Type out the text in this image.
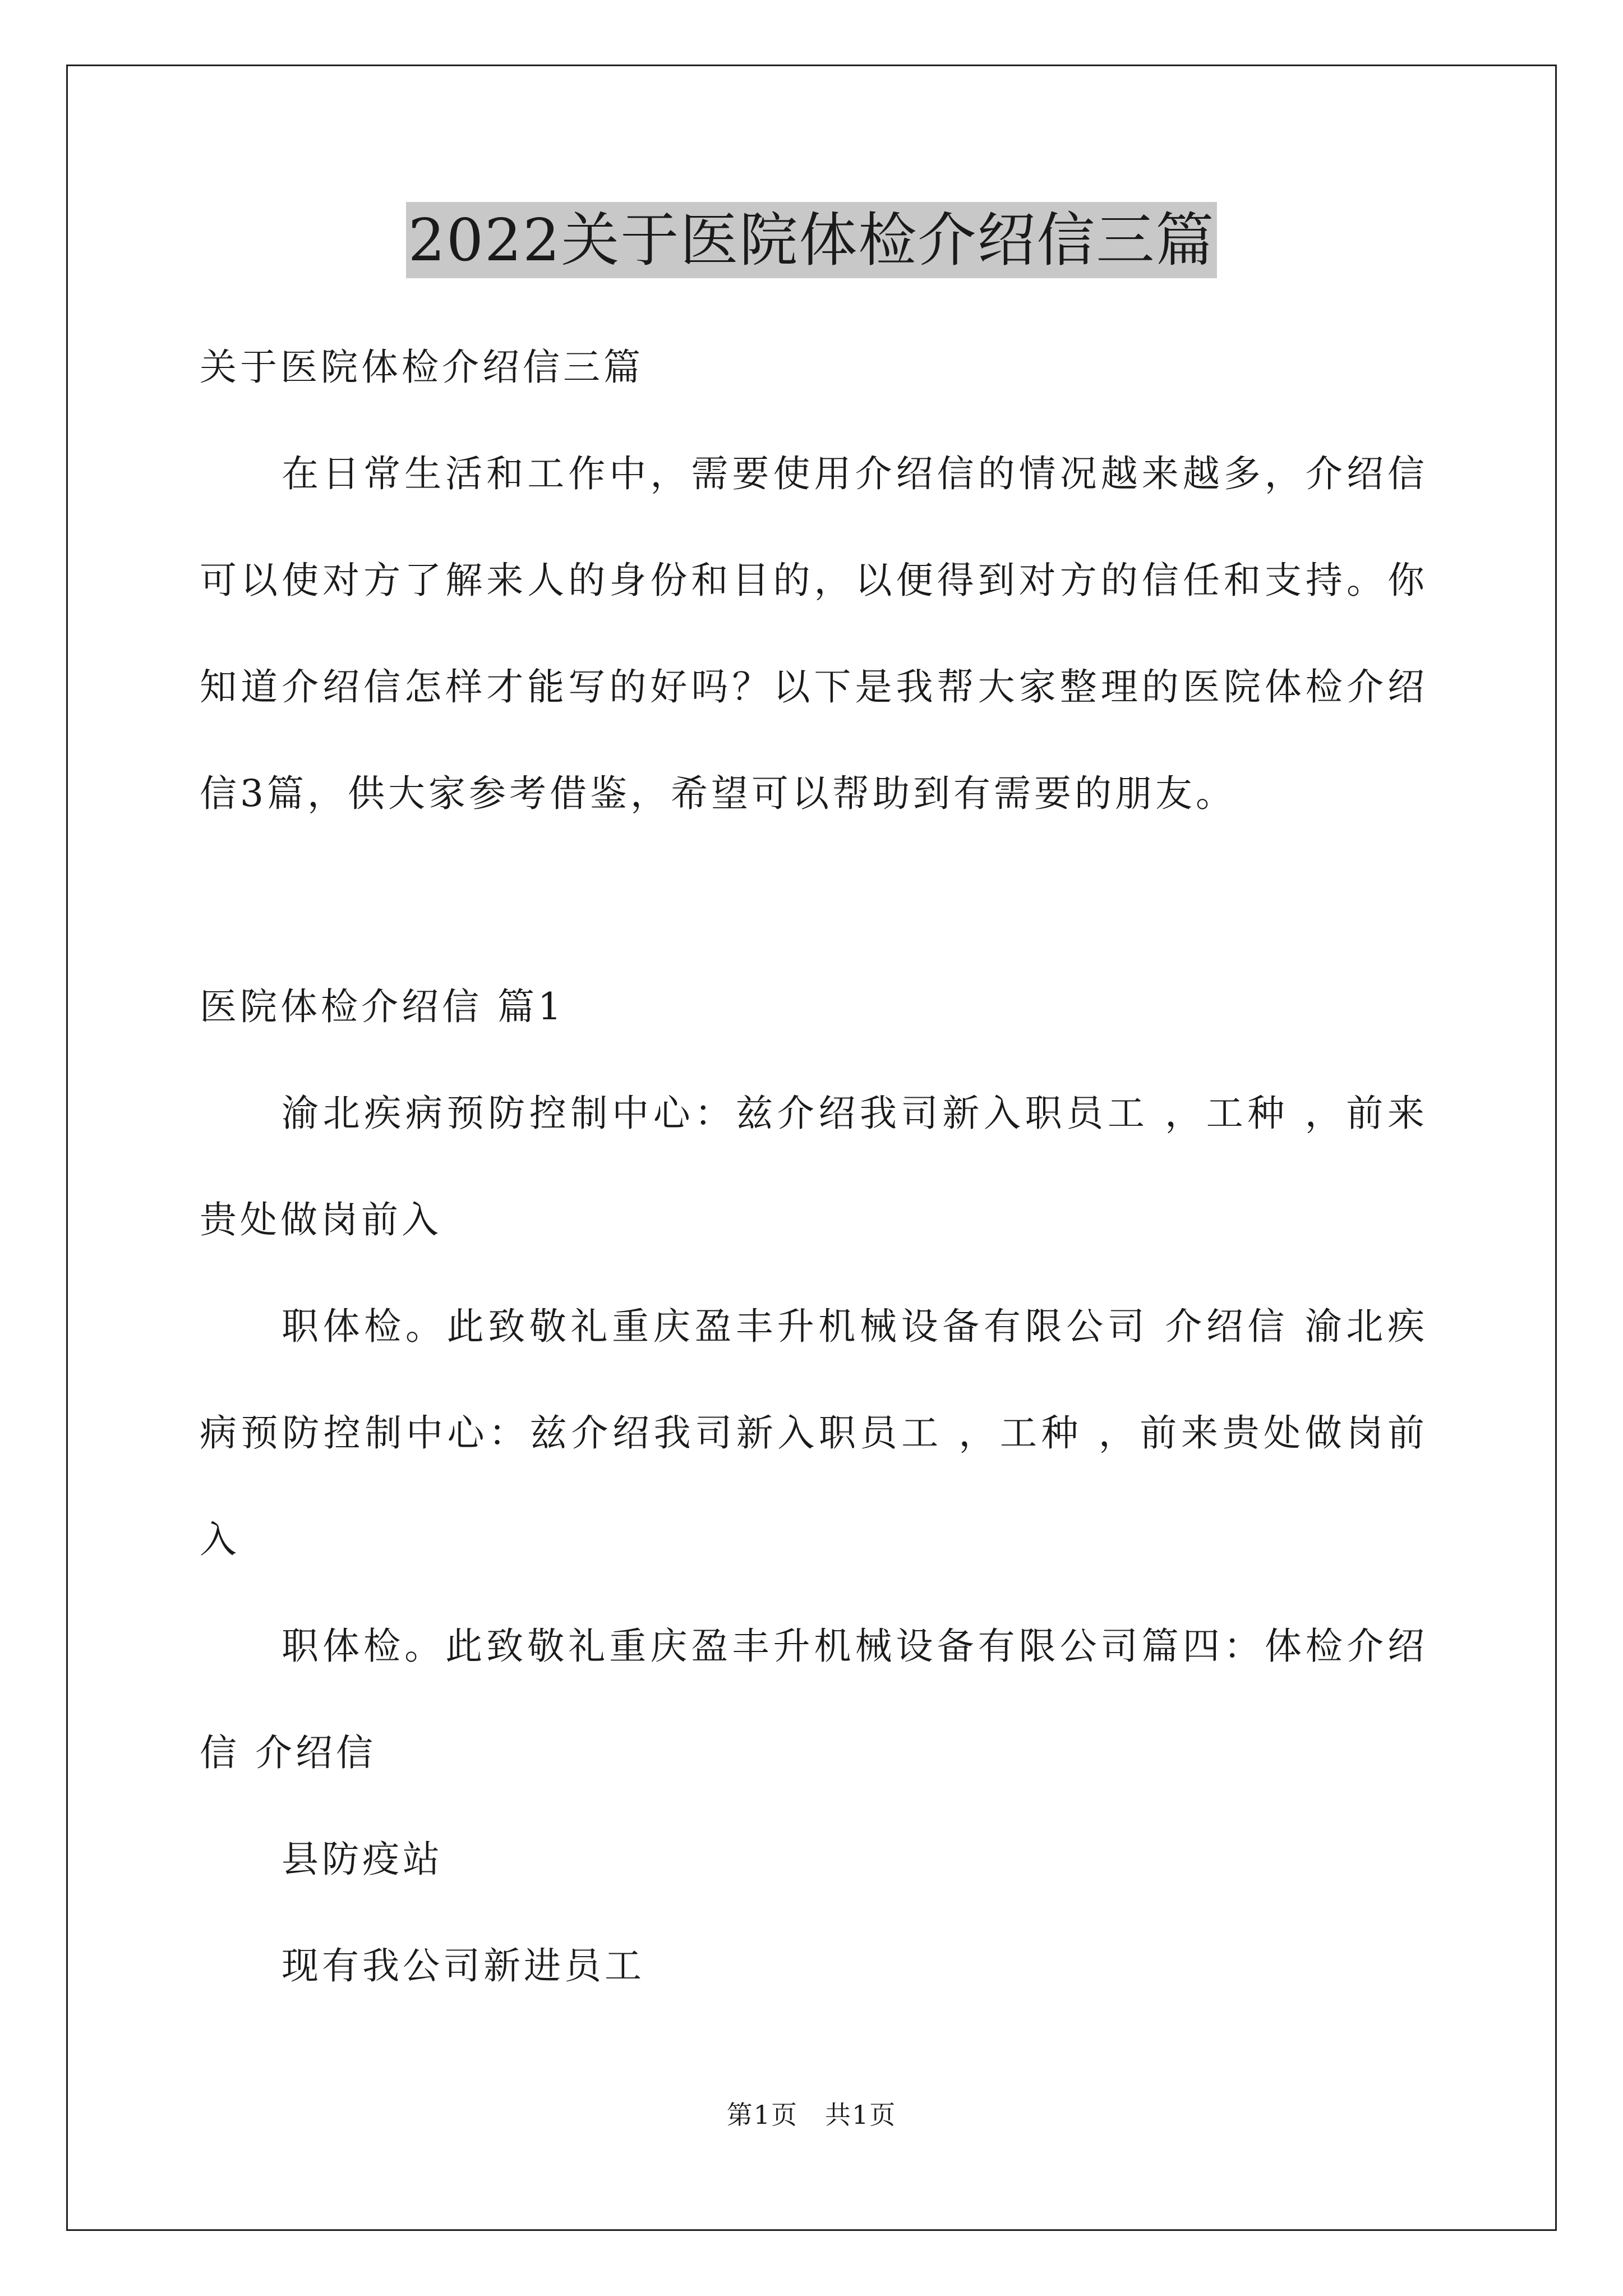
2022关于医院体检介绍信三篇

关于医院体检介绍信三篇

在日常生活和工作中，需要使用介绍信的情况越来越多，介绍信可以使对方了解来人的身份和目的，以便得到对方的信任和支持。你知道介绍信怎样才能写的好吗？以下是我帮大家整理的医院体检介绍信3篇，供大家参考借鉴，希望可以帮助到有需要的朋友。

医院体检介绍信 篇1

渝北疾病预防控制中心：兹介绍我司新入职员工 ，工种 ，前来贵处做岗前入

职体检。此致敬礼重庆盈丰升机械设备有限公司 介绍信 渝北疾病预防控制中心：兹介绍我司新入职员工 ，工种 ，前来贵处做岗前入

职体检。此致敬礼重庆盈丰升机械设备有限公司篇四：体检介绍信 介绍信

县防疫站

现有我公司新进员工

第1页 共1页
